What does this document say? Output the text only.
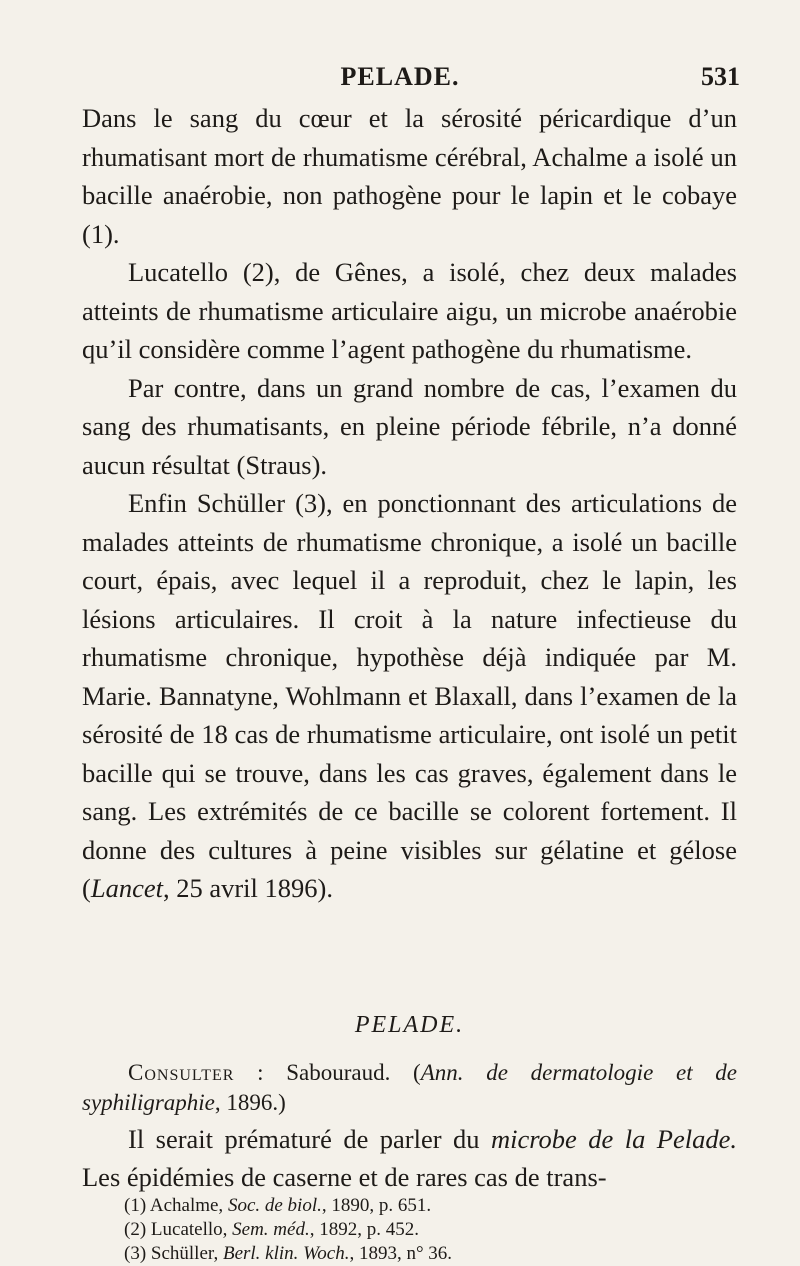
PELADE.	531

Dans le sang du cœur et la sérosité péricardique d’un rhumatisant mort de rhumatisme cérébral, Achalme a isolé un bacille anaérobie, non pathogène pour le lapin et le cobaye (1).

Lucatello (2), de Gênes, a isolé, chez deux malades atteints de rhumatisme articulaire aigu, un microbe anaérobie qu’il considère comme l’agent pathogène du rhumatisme.

Par contre, dans un grand nombre de cas, l’examen du sang des rhumatisants, en pleine période fébrile, n’a donné aucun résultat (Straus).

Enfin Schüller (3), en ponctionnant des articulations de malades atteints de rhumatisme chronique, a isolé un bacille court, épais, avec lequel il a reproduit, chez le lapin, les lésions articulaires. Il croit à la nature infectieuse du rhumatisme chronique, hypothèse déjà indiquée par M. Marie. Bannatyne, Wohlmann et Blaxall, dans l’examen de la sérosité de 18 cas de rhumatisme articulaire, ont isolé un petit bacille qui se trouve, dans les cas graves, également dans le sang. Les extrémités de ce bacille se colorent fortement. Il donne des cultures à peine visibles sur gélatine et gélose (Lancet, 25 avril 1896).

PELADE.
Consulter : Sabouraud. (Ann. de dermatologie et de syphiligraphie, 1896.)
Il serait prématuré de parler du microbe de la Pelade. Les épidémies de caserne et de rares cas de trans-
(1) Achalme, Soc. de biol., 1890, p. 651.
(2) Lucatello, Sem. méd., 1892, p. 452.
(3) Schüller, Berl. klin. Woch., 1893, n° 36.
